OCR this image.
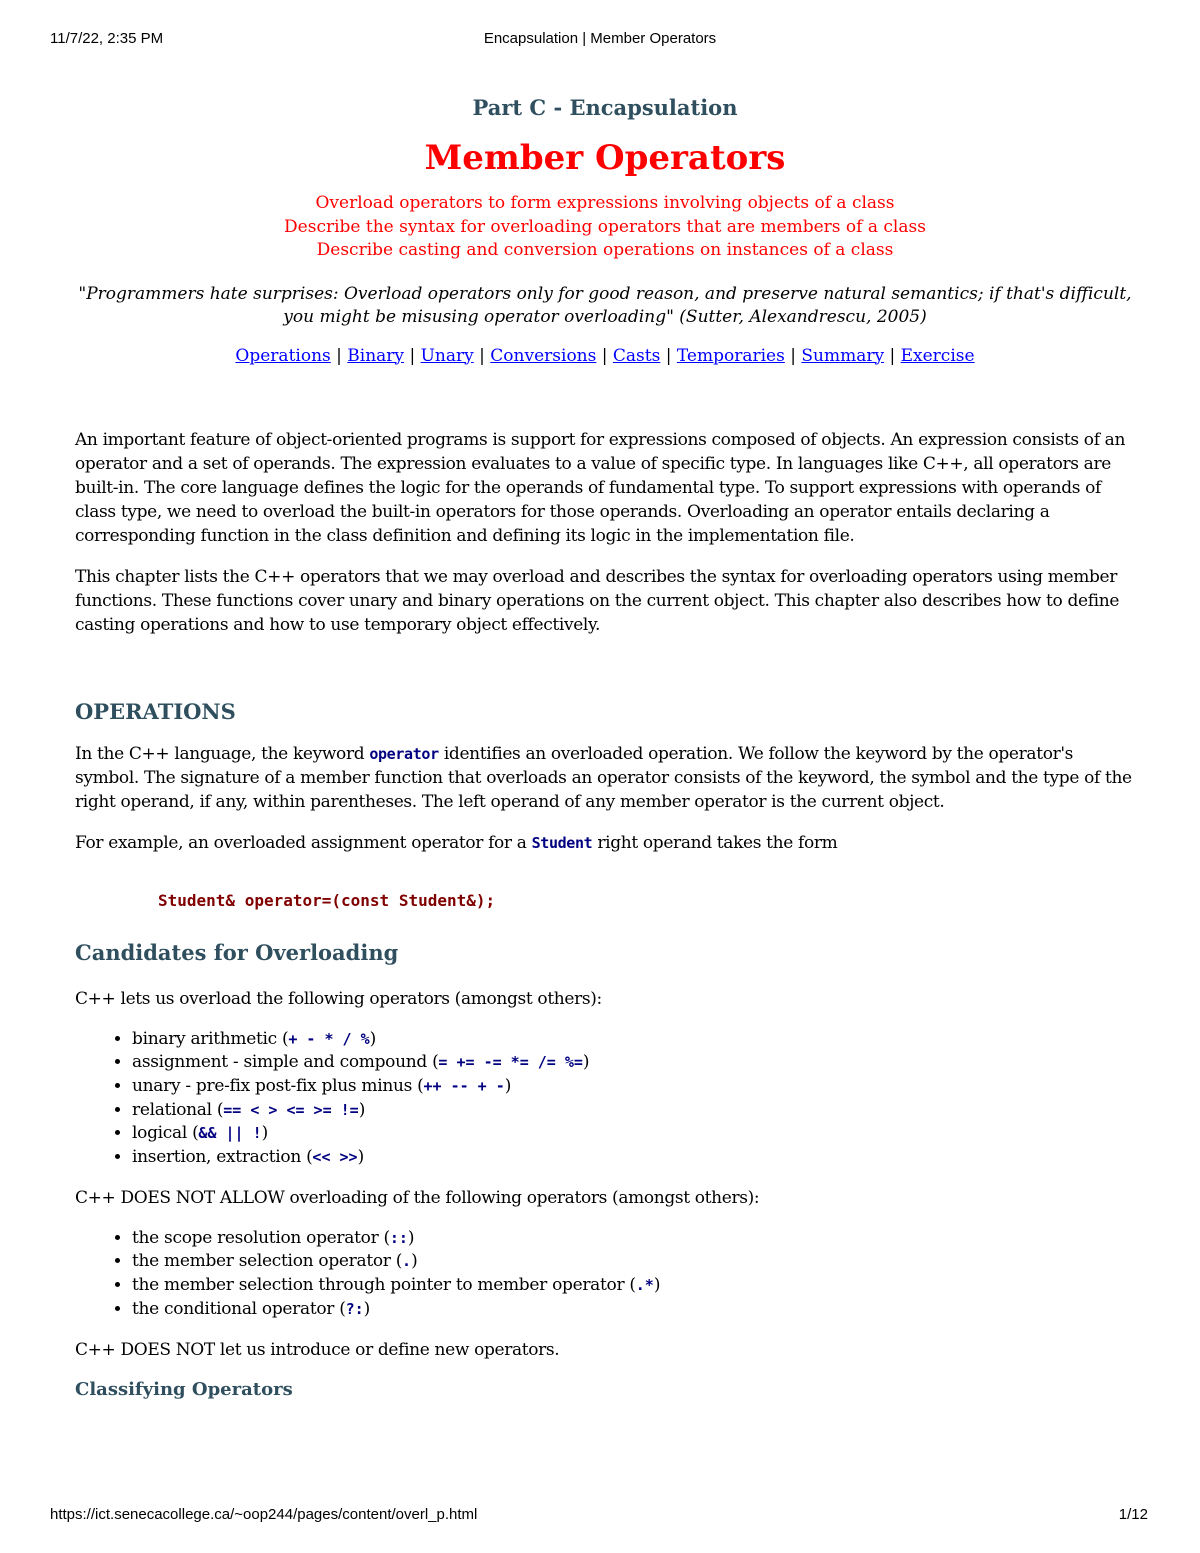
11/7/22, 2:35 PM	Encapsulation | Member Operators
Part C - Encapsulation
Member Operators
Overload operators to form expressions involving objects of a class
Describe the syntax for overloading operators that are members of a class
Describe casting and conversion operations on instances of a class
"Programmers hate surprises: Overload operators only for good reason, and preserve natural semantics; if that's difficult, you might be misusing operator overloading" (Sutter, Alexandrescu, 2005)
Operations | Binary | Unary | Conversions | Casts | Temporaries | Summary | Exercise

An important feature of object-oriented programs is support for expressions composed of objects. An expression consists of an operator and a set of operands. The expression evaluates to a value of specific type. In languages like C++, all operators are built-in. The core language defines the logic for the operands of fundamental type. To support expressions with operands of class type, we need to overload the built-in operators for those operands. Overloading an operator entails declaring a corresponding function in the class definition and defining its logic in the implementation file.

This chapter lists the C++ operators that we may overload and describes the syntax for overloading operators using member functions. These functions cover unary and binary operations on the current object. This chapter also describes how to define casting operations and how to use temporary object effectively.

OPERATIONS

In the C++ language, the keyword operator identifies an overloaded operation. We follow the keyword by the operator's symbol. The signature of a member function that overloads an operator consists of the keyword, the symbol and the type of the right operand, if any, within parentheses. The left operand of any member operator is the current object.

For example, an overloaded assignment operator for a Student right operand takes the form

Student& operator=(const Student&);
Candidates for Overloading

C++ lets us overload the following operators (amongst others):

• binary arithmetic (+ - * / %)
• assignment - simple and compound (= += -= *= /= %=)
• unary - pre-fix post-fix plus minus (++ -- + -)
• relational (== < > <= >= !=)
• logical (&& || !)
• insertion, extraction (<< >>)

C++ DOES NOT ALLOW overloading of the following operators (amongst others):

• the scope resolution operator (::)
• the member selection operator (.)
• the member selection through pointer to member operator (.*)
• the conditional operator (?:)

C++ DOES NOT let us introduce or define new operators.

Classifying Operators
https://ict.senecacollege.ca/~oop244/pages/content/overl_p.html	1/12
